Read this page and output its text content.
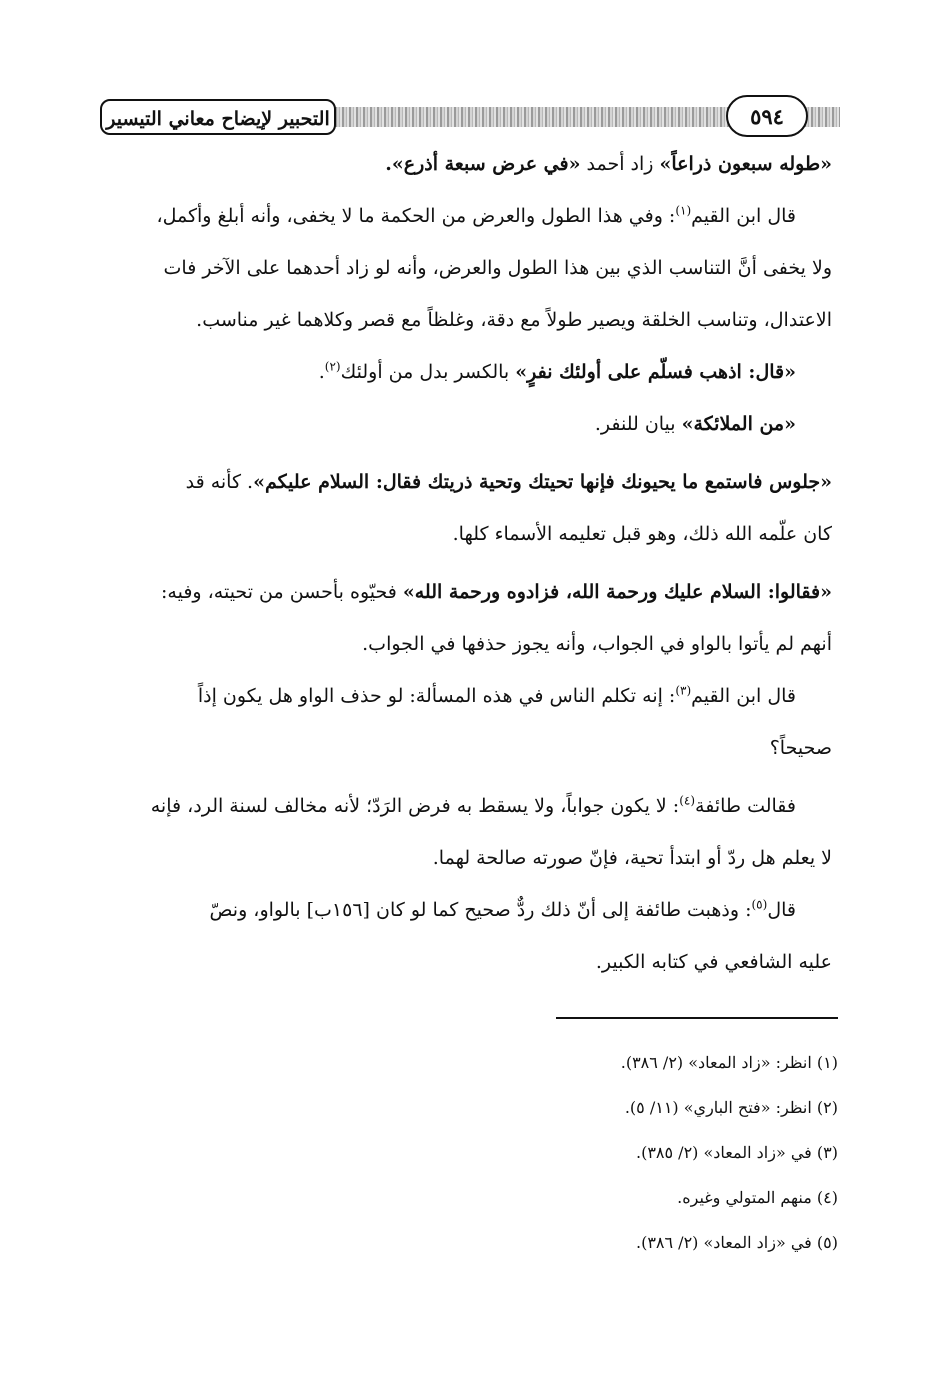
التحبير لإيضاح معاني التيسير	٥٩٤
«طوله سبعون ذراعاً» زاد أحمد «في عرض سبعة أذرع».
قال ابن القيم$^{(١)}$: وفي هذا الطول والعرض من الحكمة ما لا يخفى، وأنه أبلغ وأكمل،
ولا يخفى أنَّ التناسب الذي بين هذا الطول والعرض، وأنه لو زاد أحدهما على الآخر فات
الاعتدال، وتناسب الخلقة ويصير طولاً مع دقة، وغلظاً مع قصر وكلاهما غير مناسب.
«قال: اذهب فسلّم على أولئك نفرٍ» بالكسر بدل من أولئك$^{(٢)}$.
«من الملائكة» بيان للنفر.
«جلوس فاستمع ما يحيونك فإنها تحيتك وتحية ذريتك فقال: السلام عليكم». كأنه قد
كان علّمه الله ذلك، وهو قبل تعليمه الأسماء كلها.
«فقالوا: السلام عليك ورحمة الله، فزادوه ورحمة الله» فحيّوه بأحسن من تحيته، وفيه:
أنهم لم يأتوا بالواو في الجواب، وأنه يجوز حذفها في الجواب.
قال ابن القيم$^{(٣)}$: إنه تكلم الناس في هذه المسألة: لو حذف الواو هل يكون إذاً
صحيحاً؟
فقالت طائفة$^{(٤)}$: لا يكون جواباً، ولا يسقط به فرض الرَدّ؛ لأنه مخالف لسنة الرد، فإنه
لا يعلم هل ردّ أو ابتدأ تحية، فإنّ صورته صالحة لهما.
قال$^{(٥)}$: وذهبت طائفة إلى أنّ ذلك ردٌّ صحيح كما لو كان [١٥٦ب] بالواو، ونصّ
عليه الشافعي في كتابه الكبير.
(١) انظر: «زاد المعاد» (٢/ ٣٨٦).
(٢) انظر: «فتح الباري» (١١/ ٥).
(٣) في «زاد المعاد» (٢/ ٣٨٥).
(٤) منهم المتولي وغيره.
(٥) في «زاد المعاد» (٢/ ٣٨٦).
